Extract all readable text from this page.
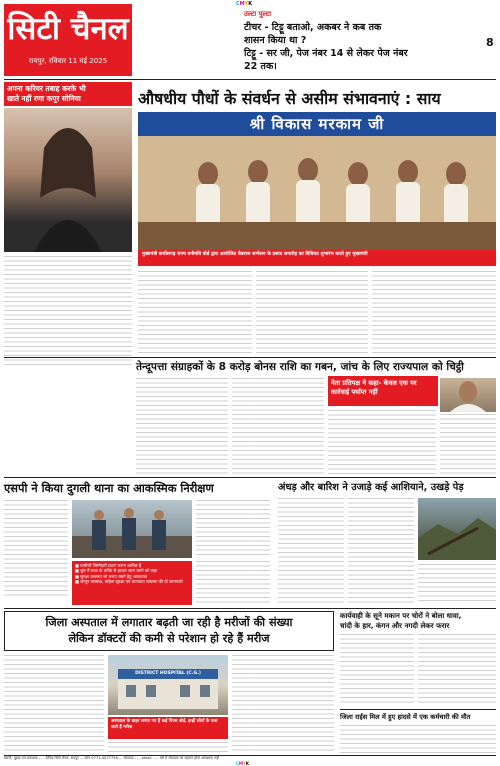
CMYK
सिटी चैनल
रायपुर, रविवार 11 मई 2025
उल्टा पुल्टा
टीचर - टिट्टू बताओ, अकबर ने कब तक
शासन किया था ?
टिट्टू - सर जी, पेज नंबर 14 से लेकर पेज नंबर
22 तक।
8
अपना करियर तबाह करके भी
खाते नहीं रणा कपूर सोनिया	औषधीय पौधों के संवर्धन से असीम संभावनाएं : साय
श्री विकास मरकाम जी
मुख्यमंत्री छत्तीसगढ़ राज्य वनौषधि बोर्ड द्वारा आयोजित वैद्यराज सम्मेलन के प्रसाद समारोह का विधिवत शुभारंभ करते हुए मुख्यमंत्री
तेन्दूपत्ता संग्राहकों के 8 करोड़ बोनस राशि का गबन, जांच के लिए राज्यपाल को चिट्ठी
नेता प्रतिपक्ष ने कहा- केवल एक पर कार्रवाई पर्याप्त नहीं
एसपी ने किया दुगली थाना का आकस्मिक निरीक्षण
■ ग्रामीणों जिम्मेदारी प्रदान करना शामिल हैं
■ शुरु में सजा के तरीके से हटकर काम करने को कहा
■ सुरक्षा व्यवस्था को बनाए रखने हेतु आवश्यक
■ कानून व्यवस्था, महिला सुरक्षा एवं यातायात व्यवस्था की दी जानकारी
अंधड़ और बारिश ने उजाड़े कई आशियाने, उखड़े पेड़
जिला अस्पताल में लगातार बढ़ती जा रही है मरीजों की संख्या
लेकिन डॉक्टरों की कमी से परेशान हो रहे हैं मरीज
DISTRICT HOSPITAL (C.G.)
अस्पताल के बाहर लगाए गए हैं कई नियम बोर्ड, इन्हीं लोगों के पास जाते हैं मरीज
कार्यवाही के सूने मकान पर चोरों ने बोला धावा,
चांदी के हार, कंगन और नगदी लेकर फरार
जिला राईस मिल में हुए हादसे में एक कर्मचारी की मौत
स्वामी, मुद्रक एवं प्रकाशक : ... दैनिक सिटी चैनल, रायपुर ... फोन 0771-4077758 ... संपादक : ... email : ... बारे में संपादक का सहमत होना आवश्यक नहीं
CMYK
